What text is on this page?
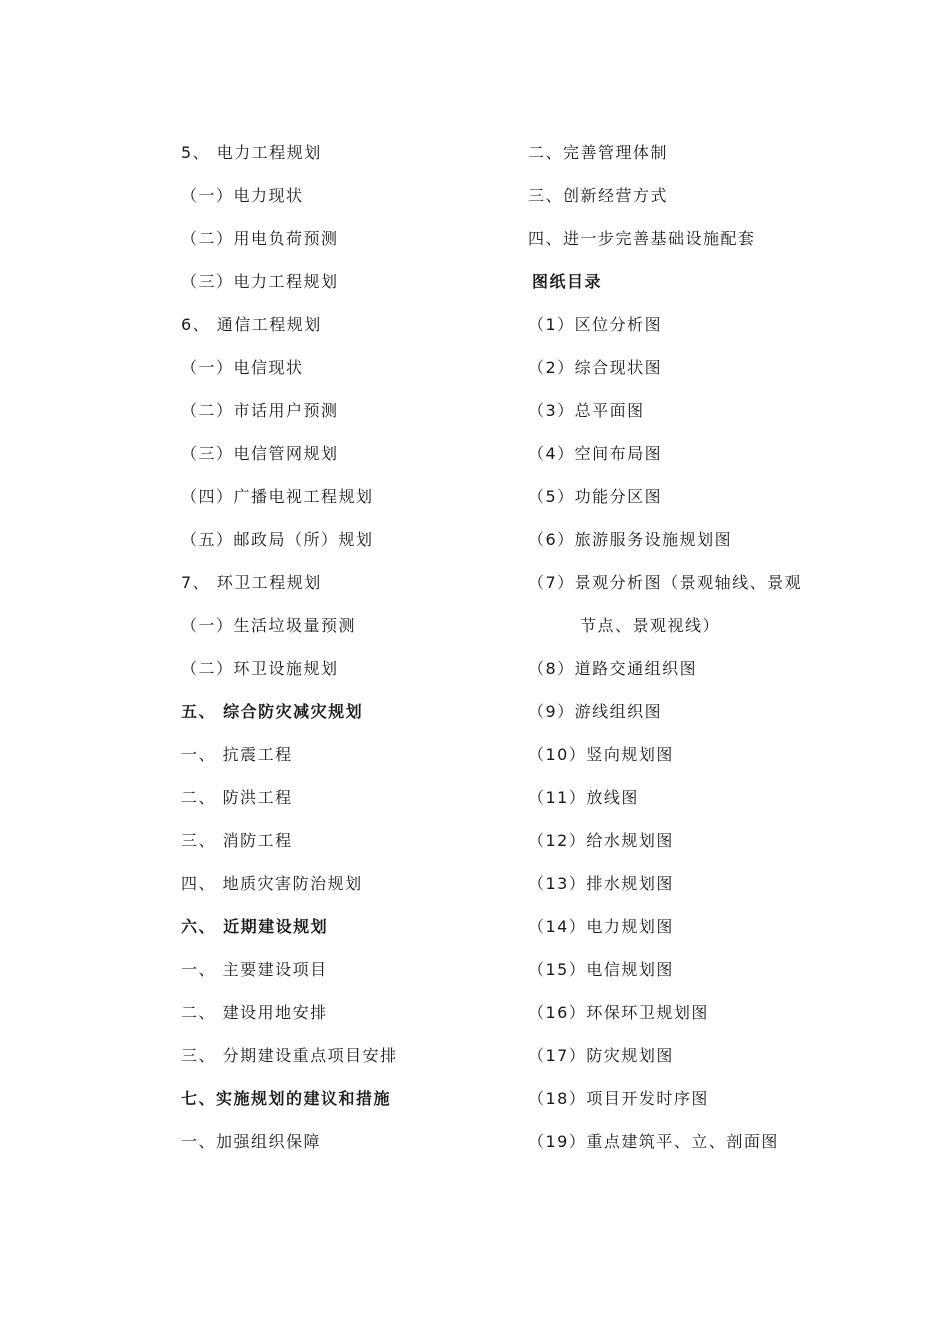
5、 电力工程规划
（一）电力现状
（二）用电负荷预测
（三）电力工程规划
6、 通信工程规划
（一）电信现状
（二）市话用户预测
（三）电信管网规划
（四）广播电视工程规划
（五）邮政局（所）规划
7、 环卫工程规划
（一）生活垃圾量预测
（二）环卫设施规划
五、 综合防灾减灾规划
一、 抗震工程
二、 防洪工程
三、 消防工程
四、 地质灾害防治规划
六、 近期建设规划
一、 主要建设项目
二、 建设用地安排
三、 分期建设重点项目安排
七、实施规划的建议和措施
一、加强组织保障
二、完善管理体制
三、创新经营方式
四、进一步完善基础设施配套
图纸目录
（1）区位分析图
（2）综合现状图
（3）总平面图
（4）空间布局图
（5）功能分区图
（6）旅游服务设施规划图
（7）景观分析图（景观轴线、景观
节点、景观视线）
（8）道路交通组织图
（9）游线组织图
（10）竖向规划图
（11）放线图
（12）给水规划图
（13）排水规划图
（14）电力规划图
（15）电信规划图
（16）环保环卫规划图
（17）防灾规划图
（18）项目开发时序图
（19）重点建筑平、立、剖面图
